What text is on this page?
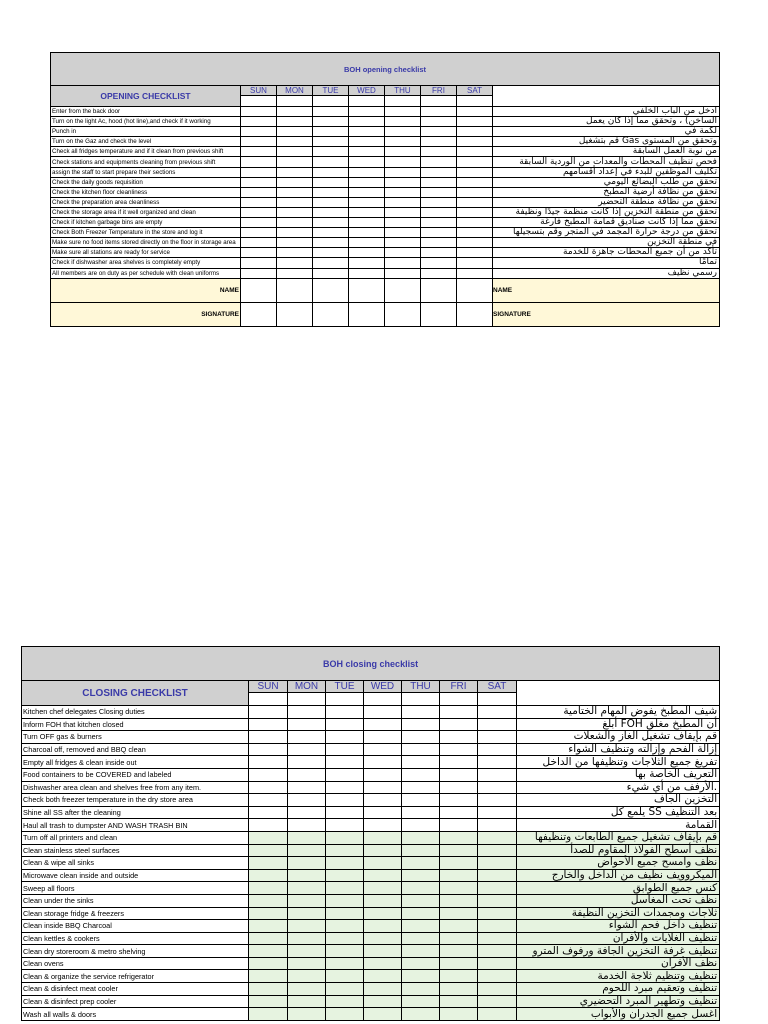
BOH opening checklist								
OPENING CHECKLIST	SUN	MON	TUE	WED	THU	FRI	SAT	

Enter from the back door								ادخل من الباب الخلفي
Turn on the light Ac, hood (hot line),and check if it working								الساخن) ، وتحقق مما إذا كان يعمل
Punch in								لكمة في
Turn on the Gaz and check the level								وتحقق من المستوى Gas قم بتشغيل
Check all fridges temperature and if it clean from previous shift								من نوبة العمل السابقة
Check stations and equipments cleaning from previous shift								فحص تنظيف المحطات والمعدات من الوردية السابقة
assign the staff to start prepare their sections								تكليف الموظفين للبدء في إعداد أقسامهم
Check the daily goods requisition								تحقق من طلب البضائع اليومي
Check the kitchen floor cleanliness								تحقق من نظافة أرضية المطبخ
Check the preparation area cleanliness								تحقق من نظافة منطقة التحضير
Check the storage area if it well organized and clean								تحقق من منطقة التخزين إذا كانت منظمة جيدًا ونظيفة
Check if kitchen garbage bins are empty								تحقق مما إذا كانت صناديق قمامة المطبخ فارغة
Check Both Freezer Temperature in the store and log it								تحقق من درجة حرارة المجمد في المتجر وقم بتسجيلها
Make sure no food items stored directly on the floor in storage area								في منطقة التخزين
Make sure all stations are ready for service								تأكد من أن جميع المحطات جاهزة للخدمة
Check if dishwasher area shelves is completely empty								تمامًا
All members are on duty as per schedule with clean uniforms								رسمي نظيف
NAME								NAME
SIGNATURE								SIGNATURE
BOH closing checklist								
CLOSING CHECKLIST	SUN	MON	TUE	WED	THU	FRI	SAT	

Kitchen chef delegates Closing duties								شيف المطبخ يفوض المهام الختامية
Inform FOH that kitchen closed								أن المطبخ مغلق FOH أبلغ
Turn OFF gas & burners								قم بإيقاف تشغيل الغاز والشعلات
Charcoal off, removed and BBQ clean								إزالة الفحم وإزالته وتنظيف الشواء
Empty all fridges & clean inside out								تفريغ جميع الثلاجات وتنظيفها من الداخل
Food containers to be COVERED and labeled								التعريف الخاصة بها
Dishwasher area clean and shelves free from any item.								.الأرفف من أي شيء
Check both freezer temperature in the dry store area								التخزين الجاف
Shine all SS after the cleaning								بعد التنظيف SS يلمع كل
Haul all trash to dumpster AND WASH TRASH BIN								القمامة
Turn off all printers and clean								قم بإيقاف تشغيل جميع الطابعات وتنظيفها
Clean stainless steel surfaces								نظف أسطح الفولاذ المقاوم للصدأ
Clean & wipe all sinks								نظف وامسح جميع الأحواض
Microwave clean inside and outside								الميكروويف نظيف من الداخل والخارج
Sweep all floors								كنس جميع الطوابق
Clean under the sinks								نظف تحت المغاسل
Clean storage fridge & freezers								ثلاجات ومجمدات التخزين النظيفة
Clean inside BBQ Charcoal								تنظيف داخل فحم الشواء
Clean kettles & cookers								تنظيف الغلايات والأفران
Clean dry storeroom & metro shelving								تنظيف غرفة التخزين الجافة ورفوف المترو
Clean ovens								نظف الأفران
Clean & organize the service refrigerator								تنظيف وتنظيم ثلاجة الخدمة
Clean & disinfect meat cooler								تنظيف وتعقيم مبرد اللحوم
Clean & disinfect prep cooler								تنظيف وتطهير المبرد التحضيري
Wash all walls & doors								اغسل جميع الجدران والأبواب
